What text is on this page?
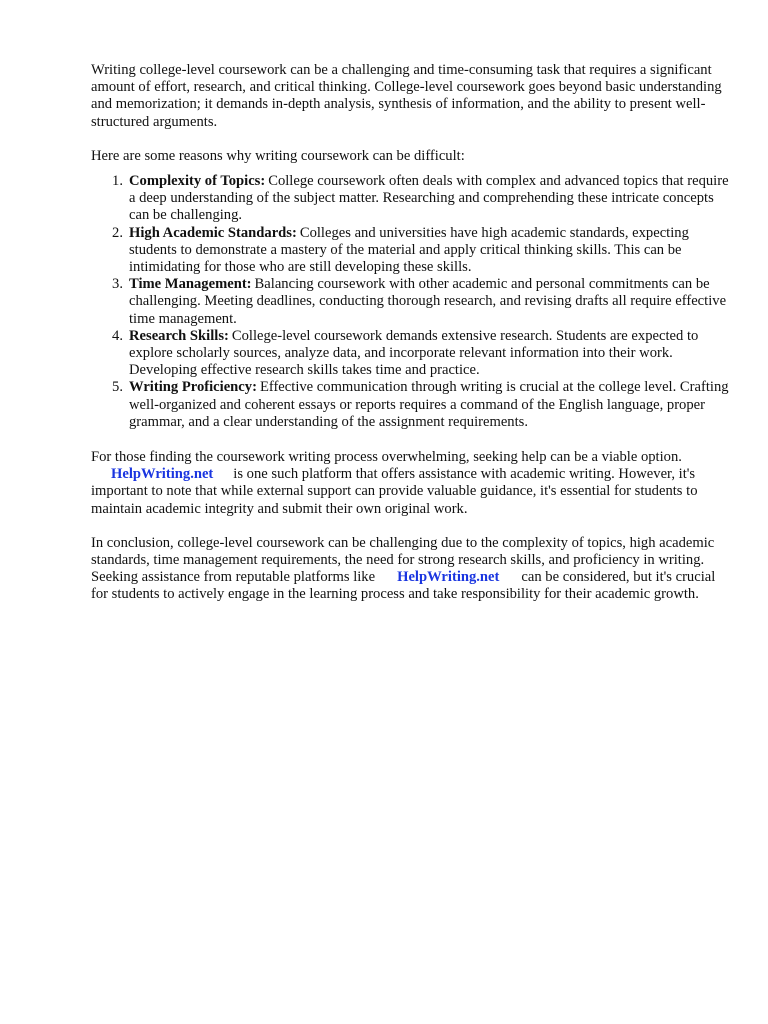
Writing college-level coursework can be a challenging and time-consuming task that requires a significant amount of effort, research, and critical thinking. College-level coursework goes beyond basic understanding and memorization; it demands in-depth analysis, synthesis of information, and the ability to present well-structured arguments.

Here are some reasons why writing coursework can be difficult:

Complexity of Topics: College coursework often deals with complex and advanced topics that require a deep understanding of the subject matter. Researching and comprehending these intricate concepts can be challenging.
High Academic Standards: Colleges and universities have high academic standards, expecting students to demonstrate a mastery of the material and apply critical thinking skills. This can be intimidating for those who are still developing these skills.
Time Management: Balancing coursework with other academic and personal commitments can be challenging. Meeting deadlines, conducting thorough research, and revising drafts all require effective time management.
Research Skills: College-level coursework demands extensive research. Students are expected to explore scholarly sources, analyze data, and incorporate relevant information into their work. Developing effective research skills takes time and practice.
Writing Proficiency: Effective communication through writing is crucial at the college level. Crafting well-organized and coherent essays or reports requires a command of the English language, proper grammar, and a clear understanding of the assignment requirements.

For those finding the coursework writing process overwhelming, seeking help can be a viable option.
HelpWriting.net is one such platform that offers assistance with academic writing. However, it's important to note that while external support can provide valuable guidance, it's essential for students to maintain academic integrity and submit their own original work.

In conclusion, college-level coursework can be challenging due to the complexity of topics, high academic standards, time management requirements, the need for strong research skills, and proficiency in writing. Seeking assistance from reputable platforms like HelpWriting.net can be considered, but it's crucial for students to actively engage in the learning process and take responsibility for their academic growth.
